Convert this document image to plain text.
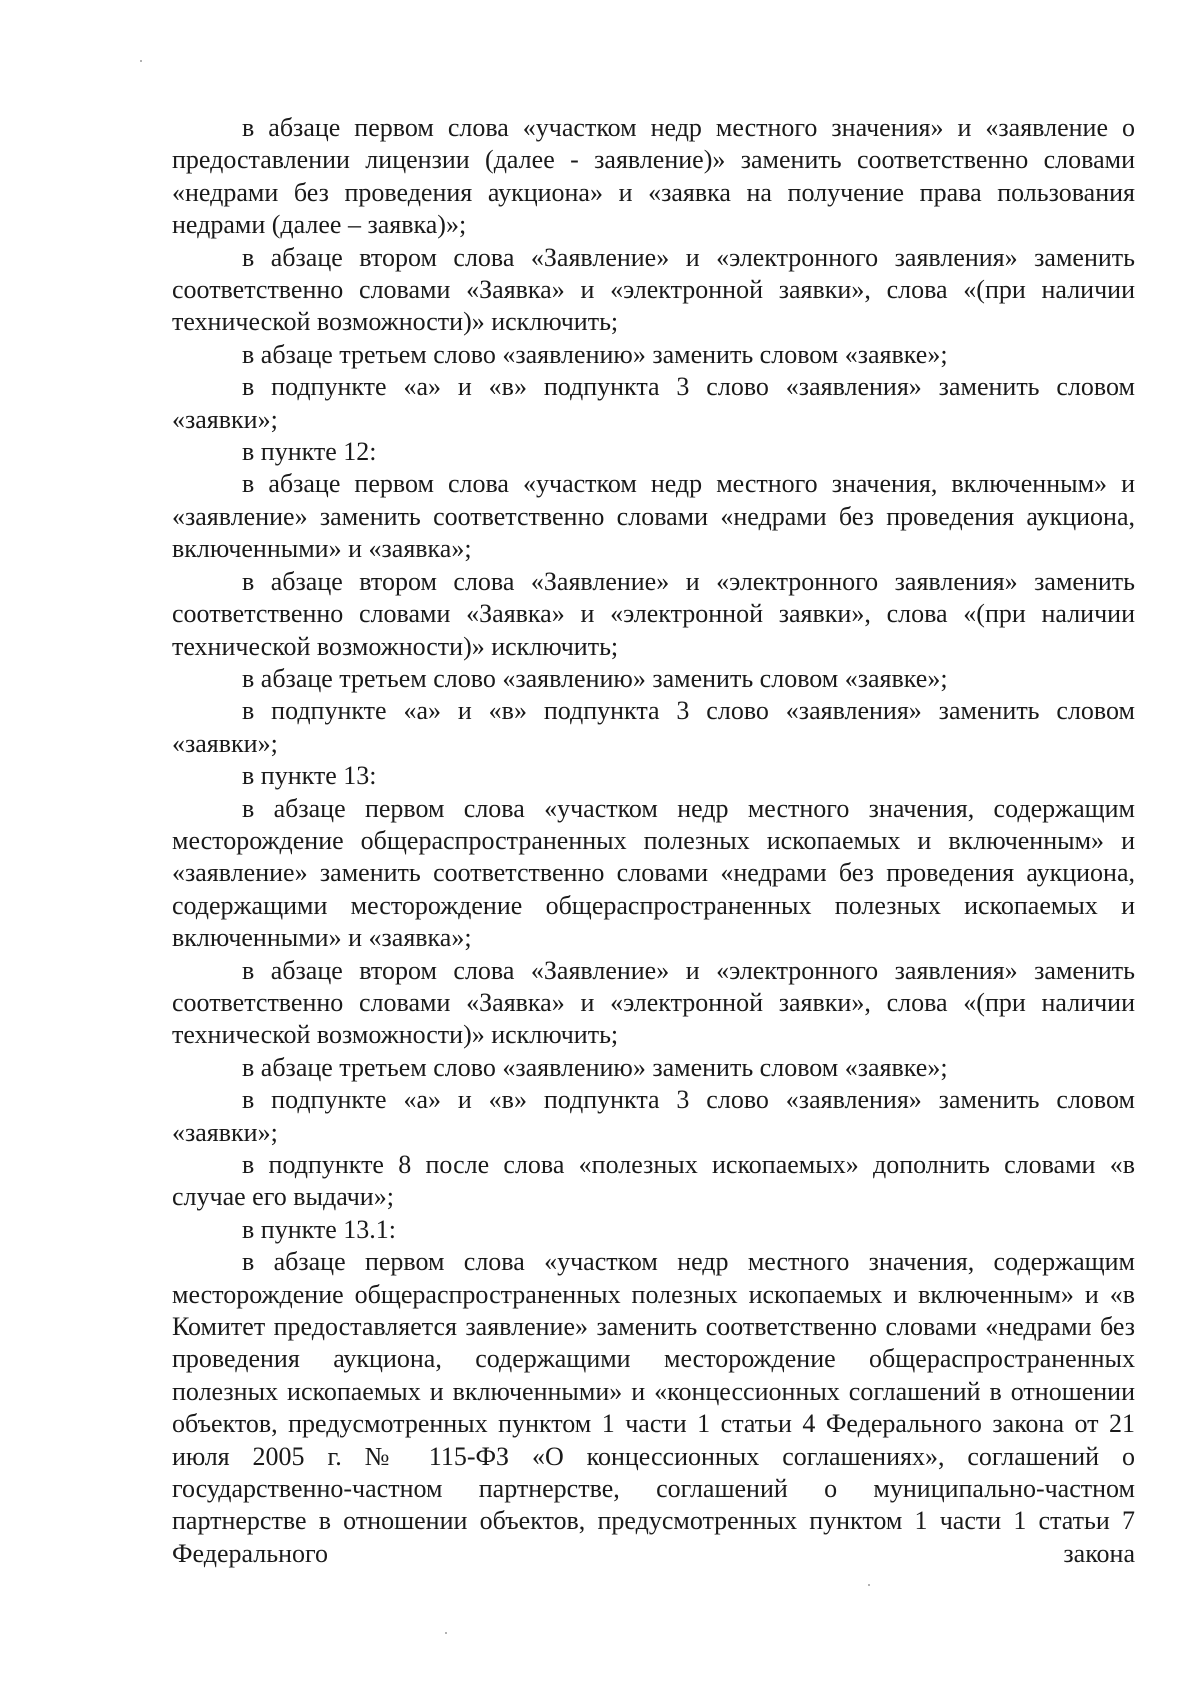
в абзаце первом слова «участком недр местного значения» и «заявление о предоставлении лицензии (далее - заявление)» заменить соответственно словами «недрами без проведения аукциона» и «заявка на получение права пользования недрами (далее – заявка)»;

в абзаце втором слова «Заявление» и «электронного заявления» заменить соответственно словами «Заявка» и «электронной заявки», слова «(при наличии технической возможности)» исключить;

в абзаце третьем слово «заявлению» заменить словом «заявке»;

в подпункте «а» и «в» подпункта 3 слово «заявления» заменить словом «заявки»;

в пункте 12:

в абзаце первом слова «участком недр местного значения, включенным» и «заявление» заменить соответственно словами «недрами без проведения аукциона, включенными» и «заявка»;

в абзаце втором слова «Заявление» и «электронного заявления» заменить соответственно словами «Заявка» и «электронной заявки», слова «(при наличии технической возможности)» исключить;

в абзаце третьем слово «заявлению» заменить словом «заявке»;

в подпункте «а» и «в» подпункта 3 слово «заявления» заменить словом «заявки»;

в пункте 13:

в абзаце первом слова «участком недр местного значения, содержащим месторождение общераспространенных полезных ископаемых и включенным» и «заявление» заменить соответственно словами «недрами без проведения аукциона, содержащими месторождение общераспространенных полезных ископаемых и включенными» и «заявка»;

в абзаце втором слова «Заявление» и «электронного заявления» заменить соответственно словами «Заявка» и «электронной заявки», слова «(при наличии технической возможности)» исключить;

в абзаце третьем слово «заявлению» заменить словом «заявке»;

в подпункте «а» и «в» подпункта 3 слово «заявления» заменить словом «заявки»;

в подпункте 8 после слова «полезных ископаемых» дополнить словами «в случае его выдачи»;

в пункте 13.1:

в абзаце первом слова «участком недр местного значения, содержащим месторождение общераспространенных полезных ископаемых и включенным» и «в Комитет предоставляется заявление» заменить соответственно словами «недрами без проведения аукциона, содержащими месторождение общераспространенных полезных ископаемых и включенными» и «концессионных соглашений в отношении объектов, предусмотренных пунктом 1 части 1 статьи 4 Федерального закона от 21 июля 2005 г. № 115-ФЗ «О концессионных соглашениях», соглашений о государственно-частном партнерстве, соглашений о муниципально-частном партнерстве в отношении объектов, предусмотренных пунктом 1 части 1 статьи 7 Федерального закона
